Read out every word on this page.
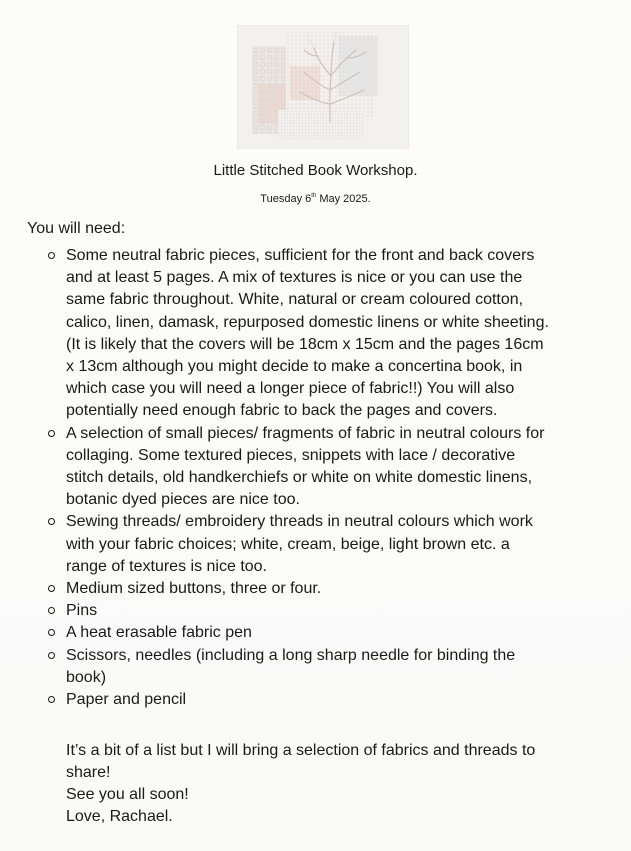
Little Stitched Book Workshop.
Tuesday 6th May 2025.
You will need:
Some neutral fabric pieces, sufficient for the front and back covers
and at least 5 pages. A mix of textures is nice or you can use the
same fabric throughout. White, natural or cream coloured cotton,
calico, linen, damask, repurposed domestic linens or white sheeting.
(It is likely that the covers will be 18cm x 15cm and the pages 16cm
x 13cm although you might decide to make a concertina book, in
which case you will need a longer piece of fabric!!) You will also
potentially need enough fabric to back the pages and covers.
A selection of small pieces/ fragments of fabric in neutral colours for
collaging. Some textured pieces, snippets with lace / decorative
stitch details, old handkerchiefs or white on white domestic linens,
botanic dyed pieces are nice too.
Sewing threads/ embroidery threads in neutral colours which work
with your fabric choices; white, cream, beige, light brown etc. a
range of textures is nice too.
Medium sized buttons, three or four.
Pins
A heat erasable fabric pen
Scissors, needles (including a long sharp needle for binding the
book)
Paper and pencil

It’s a bit of a list but I will bring a selection of fabrics and threads to

share!

See you all soon!

Love, Rachael.
